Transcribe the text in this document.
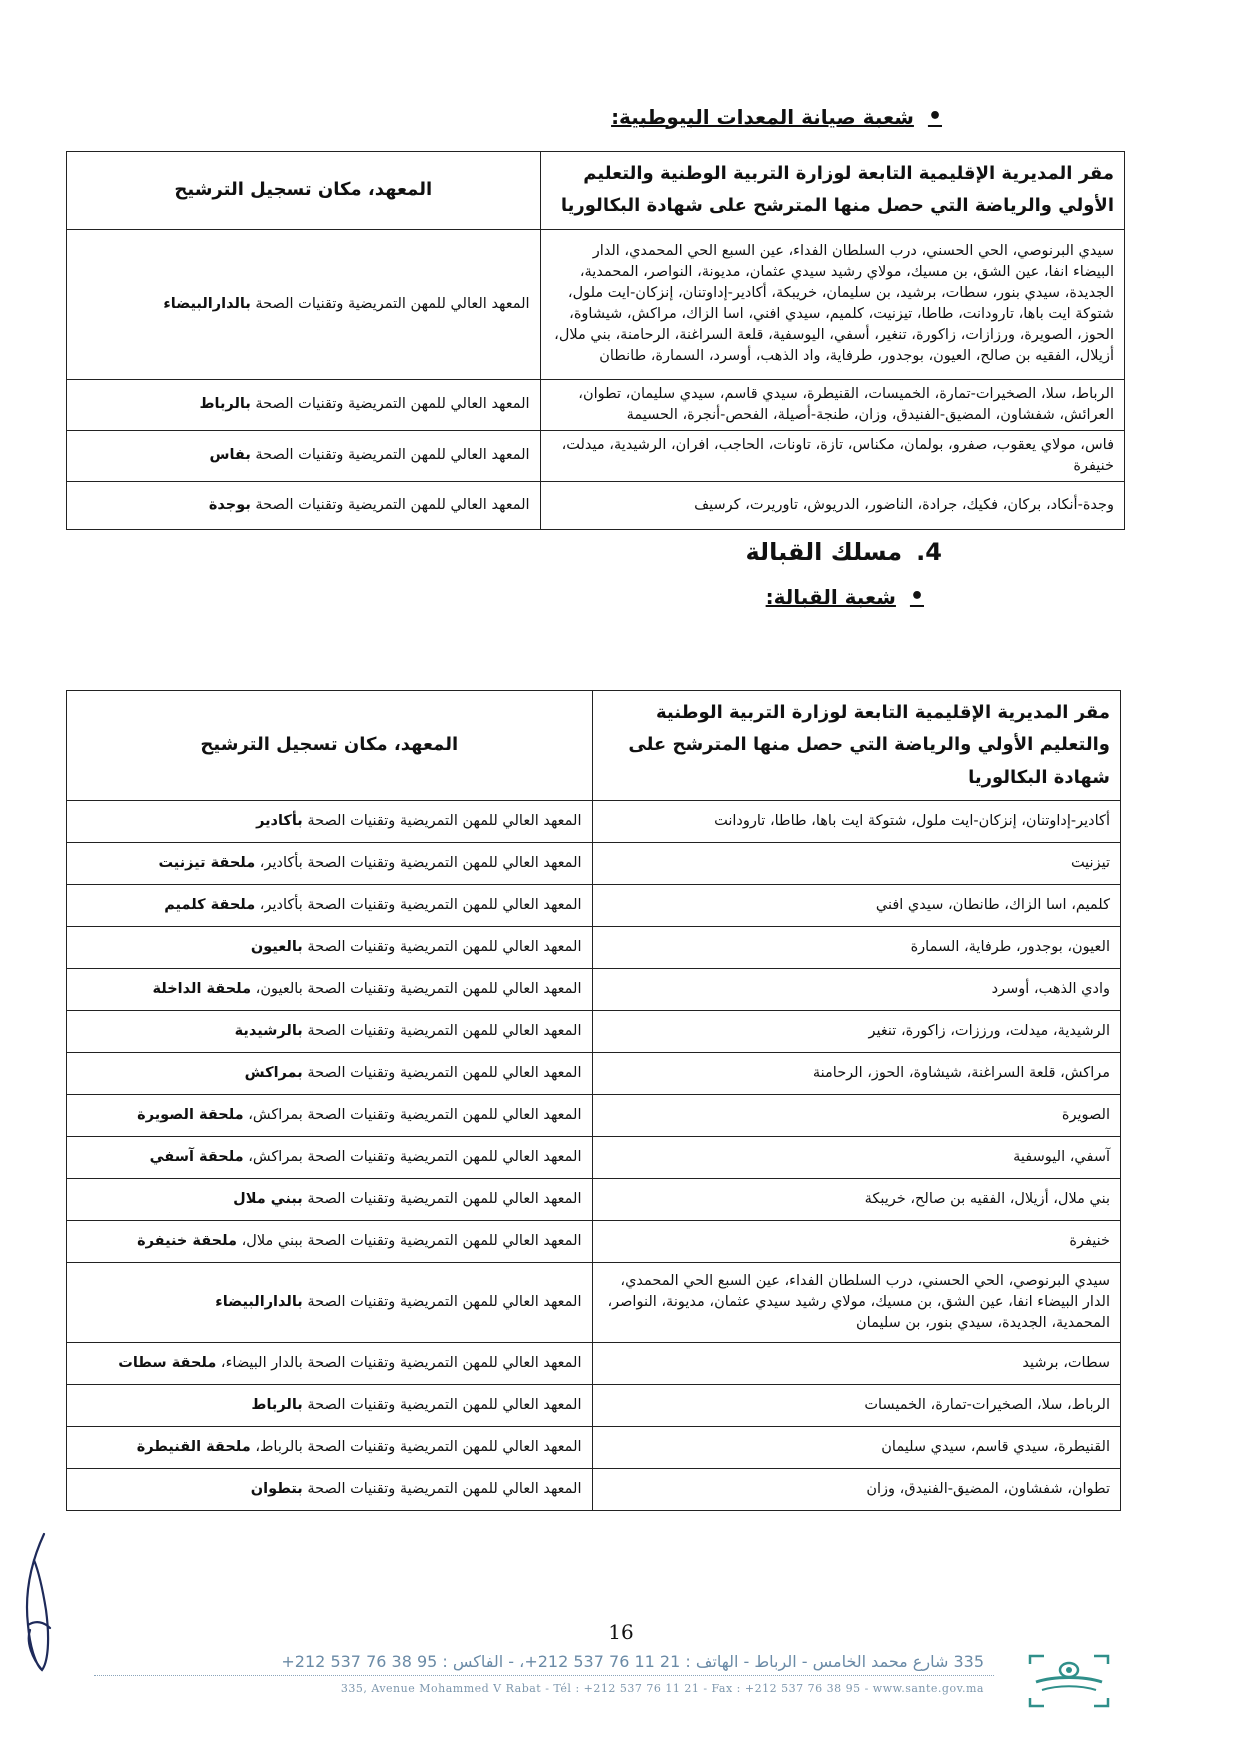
•
شعبة صيانة المعدات البيوطبية:
مقر المديرية الإقليمية التابعة لوزارة التربية الوطنية والتعليم الأولي والرياضة التي حصل منها المترشح على شهادة البكالوريا	المعهد، مكان تسجيل الترشيح
سيدي البرنوصي، الحي الحسني، درب السلطان الفداء، عين السبع الحي المحمدي، الدار البيضاء انفا، عين الشق، بن مسيك، مولاي رشيد سيدي عثمان، مديونة، النواصر، المحمدية، الجديدة، سيدي بنور، سطات، برشيد، بن سليمان، خريبكة، أكادير-إداوتنان، إنزكان-ايت ملول، شتوكة ايت باها، تارودانت، طاطا، تيزنيت، كلميم، سيدي افني، اسا الزاك، مراكش، شيشاوة، الحوز، الصويرة، ورزازات، زاكورة، تنغير، أسفي، اليوسفية، قلعة السراغنة، الرحامنة، بني ملال، أزيلال، الفقيه بن صالح، العيون، بوجدور، طرفاية، واد الذهب، أوسرد، السمارة، طانطان	المعهد العالي للمهن التمريضية وتقنيات الصحة بالدارالبيضاء
الرباط، سلا، الصخيرات-تمارة، الخميسات، القنيطرة، سيدي قاسم، سيدي سليمان، تطوان، العرائش، شفشاون، المضيق-الفنيدق، وزان، طنجة-أصيلة، الفحص-أنجرة، الحسيمة	المعهد العالي للمهن التمريضية وتقنيات الصحة بالرباط
فاس، مولاي يعقوب، صفرو، بولمان، مكناس، تازة، تاونات، الحاجب، افران، الرشيدية، ميدلت، خنيفرة	المعهد العالي للمهن التمريضية وتقنيات الصحة بفاس
وجدة-أنكاد، بركان، فكيك، جرادة، الناضور، الدريوش، تاوريرت، كرسيف	المعهد العالي للمهن التمريضية وتقنيات الصحة بوجدة
4.
مسلك القبالة
•
شعبة القبالة:
مقر المديرية الإقليمية التابعة لوزارة التربية الوطنية والتعليم الأولي والرياضة التي حصل منها المترشح على شهادة البكالوريا	المعهد، مكان تسجيل الترشيح
أكادير-إداوتنان، إنزكان-ايت ملول، شتوكة ايت باها، طاطا، تارودانت	المعهد العالي للمهن التمريضية وتقنيات الصحة بأكادير
تيزنيت	المعهد العالي للمهن التمريضية وتقنيات الصحة بأكادير، ملحقة تيزنيت
كلميم، اسا الزاك، طانطان، سيدي افني	المعهد العالي للمهن التمريضية وتقنيات الصحة بأكادير، ملحقة كلميم
العيون، بوجدور، طرفاية، السمارة	المعهد العالي للمهن التمريضية وتقنيات الصحة بالعيون
وادي الذهب، أوسرد	المعهد العالي للمهن التمريضية وتقنيات الصحة بالعيون، ملحقة الداخلة
الرشيدية، ميدلت، ورززات، زاكورة، تنغير	المعهد العالي للمهن التمريضية وتقنيات الصحة بالرشيدية
مراكش، قلعة السراغنة، شيشاوة، الحوز، الرحامنة	المعهد العالي للمهن التمريضية وتقنيات الصحة بمراكش
الصويرة	المعهد العالي للمهن التمريضية وتقنيات الصحة بمراكش، ملحقة الصويرة
آسفي، اليوسفية	المعهد العالي للمهن التمريضية وتقنيات الصحة بمراكش، ملحقة آسفي
بني ملال، أزيلال، الفقيه بن صالح، خريبكة	المعهد العالي للمهن التمريضية وتقنيات الصحة ببني ملال
خنيفرة	المعهد العالي للمهن التمريضية وتقنيات الصحة ببني ملال، ملحقة خنيفرة
سيدي البرنوصي، الحي الحسني، درب السلطان الفداء، عين السبع الحي المحمدي، الدار البيضاء انفا، عين الشق، بن مسيك، مولاي رشيد سيدي عثمان، مديونة، النواصر، المحمدية، الجديدة، سيدي بنور، بن سليمان	المعهد العالي للمهن التمريضية وتقنيات الصحة بالدارالبيضاء
سطات، برشيد	المعهد العالي للمهن التمريضية وتقنيات الصحة بالدار البيضاء، ملحقة سطات
الرباط، سلا، الصخيرات-تمارة، الخميسات	المعهد العالي للمهن التمريضية وتقنيات الصحة بالرباط
القنيطرة، سيدي قاسم، سيدي سليمان	المعهد العالي للمهن التمريضية وتقنيات الصحة بالرباط، ملحقة القنيطرة
تطوان، شفشاون، المضيق-الفنيدق، وزان	المعهد العالي للمهن التمريضية وتقنيات الصحة بتطوان
16
335 شارع محمد الخامس - الرباط - الهاتف : 21 11 76 537 212+، - الفاكس : 95 38 76 537 212+
335, Avenue Mohammed V Rabat - Tél : +212 537 76 11 21 - Fax : +212 537 76 38 95 - www.sante.gov.ma
